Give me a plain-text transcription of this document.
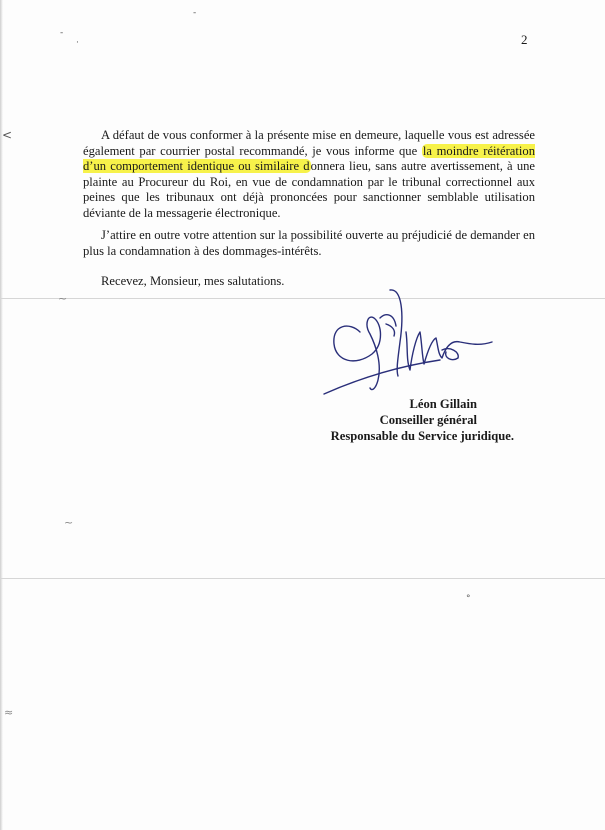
-
·
-
<
~
~
°
≈
2

A défaut de vous conformer à la présente mise en demeure, laquelle vous est adressée également par courrier postal recommandé, je vous informe que la moindre réitération d’un comportement identique ou similaire donnera lieu, sans autre avertissement, à une plainte au Procureur du Roi, en vue de condamnation par le tribunal correctionnel aux peines que les tribunaux ont déjà prononcées pour sanctionner semblable utilisation déviante de la messagerie électronique.

J’attire en outre votre attention sur la possibilité ouverte au préjudicié de demander en plus la condamnation à des dommages-intérêts.

Recevez, Monsieur, mes salutations.

Léon Gillain
Conseiller général
Responsable du Service juridique.
